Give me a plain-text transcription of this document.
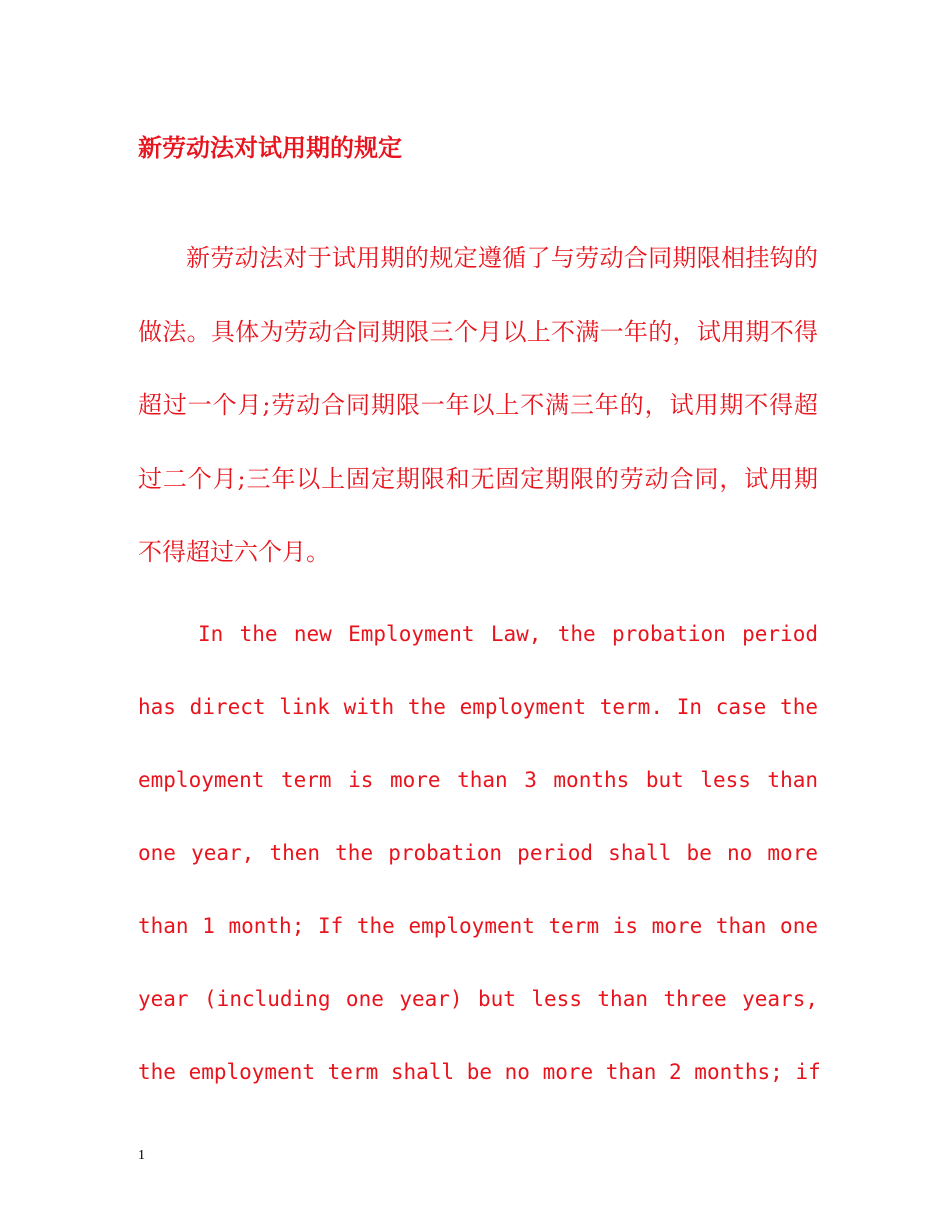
新劳动法对试用期的规定

新劳动法对于试用期的规定遵循了与劳动合同期限相挂钩的做法。具体为劳动合同期限三个月以上不满一年的，试用期不得超过一个月;劳动合同期限一年以上不满三年的，试用期不得超过二个月;三年以上固定期限和无固定期限的劳动合同，试用期不得超过六个月。

In the new Employment Law, the probation period
has direct link with the employment term. In case the
employment term is more than 3 months but less than
one year, then the probation period shall be no more
than 1 month; If the employment term is more than one
year (including one year) but less than three years,
the employment term shall be no more than 2 months; if
1
